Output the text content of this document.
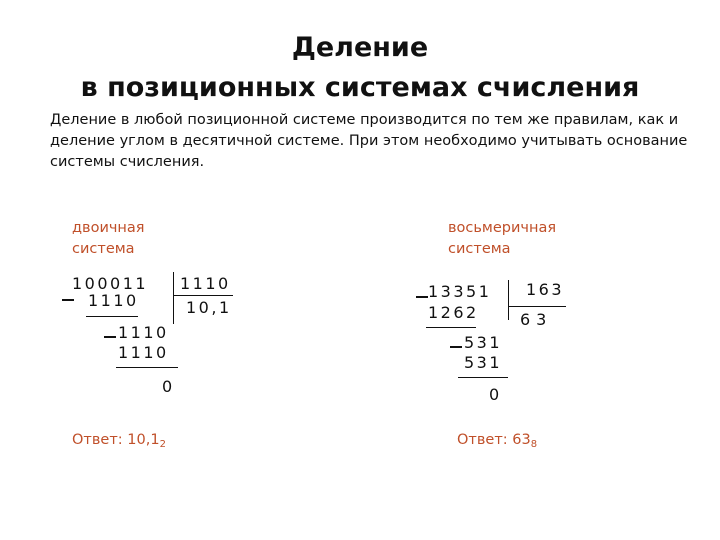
Деление
в позиционных системах счисления
Деление в любой позиционной системе производится по тем же правилам, как и деление углом в десятичной системе. При этом необходимо учитывать основание системы счисления.
двоичная
система
100011 1110
10,1
1110
1110
1110
0
Ответ: $10,1_2$
восьмеричная
система
13351 163
63
1262
531
531
0
Ответ: $63_8$
